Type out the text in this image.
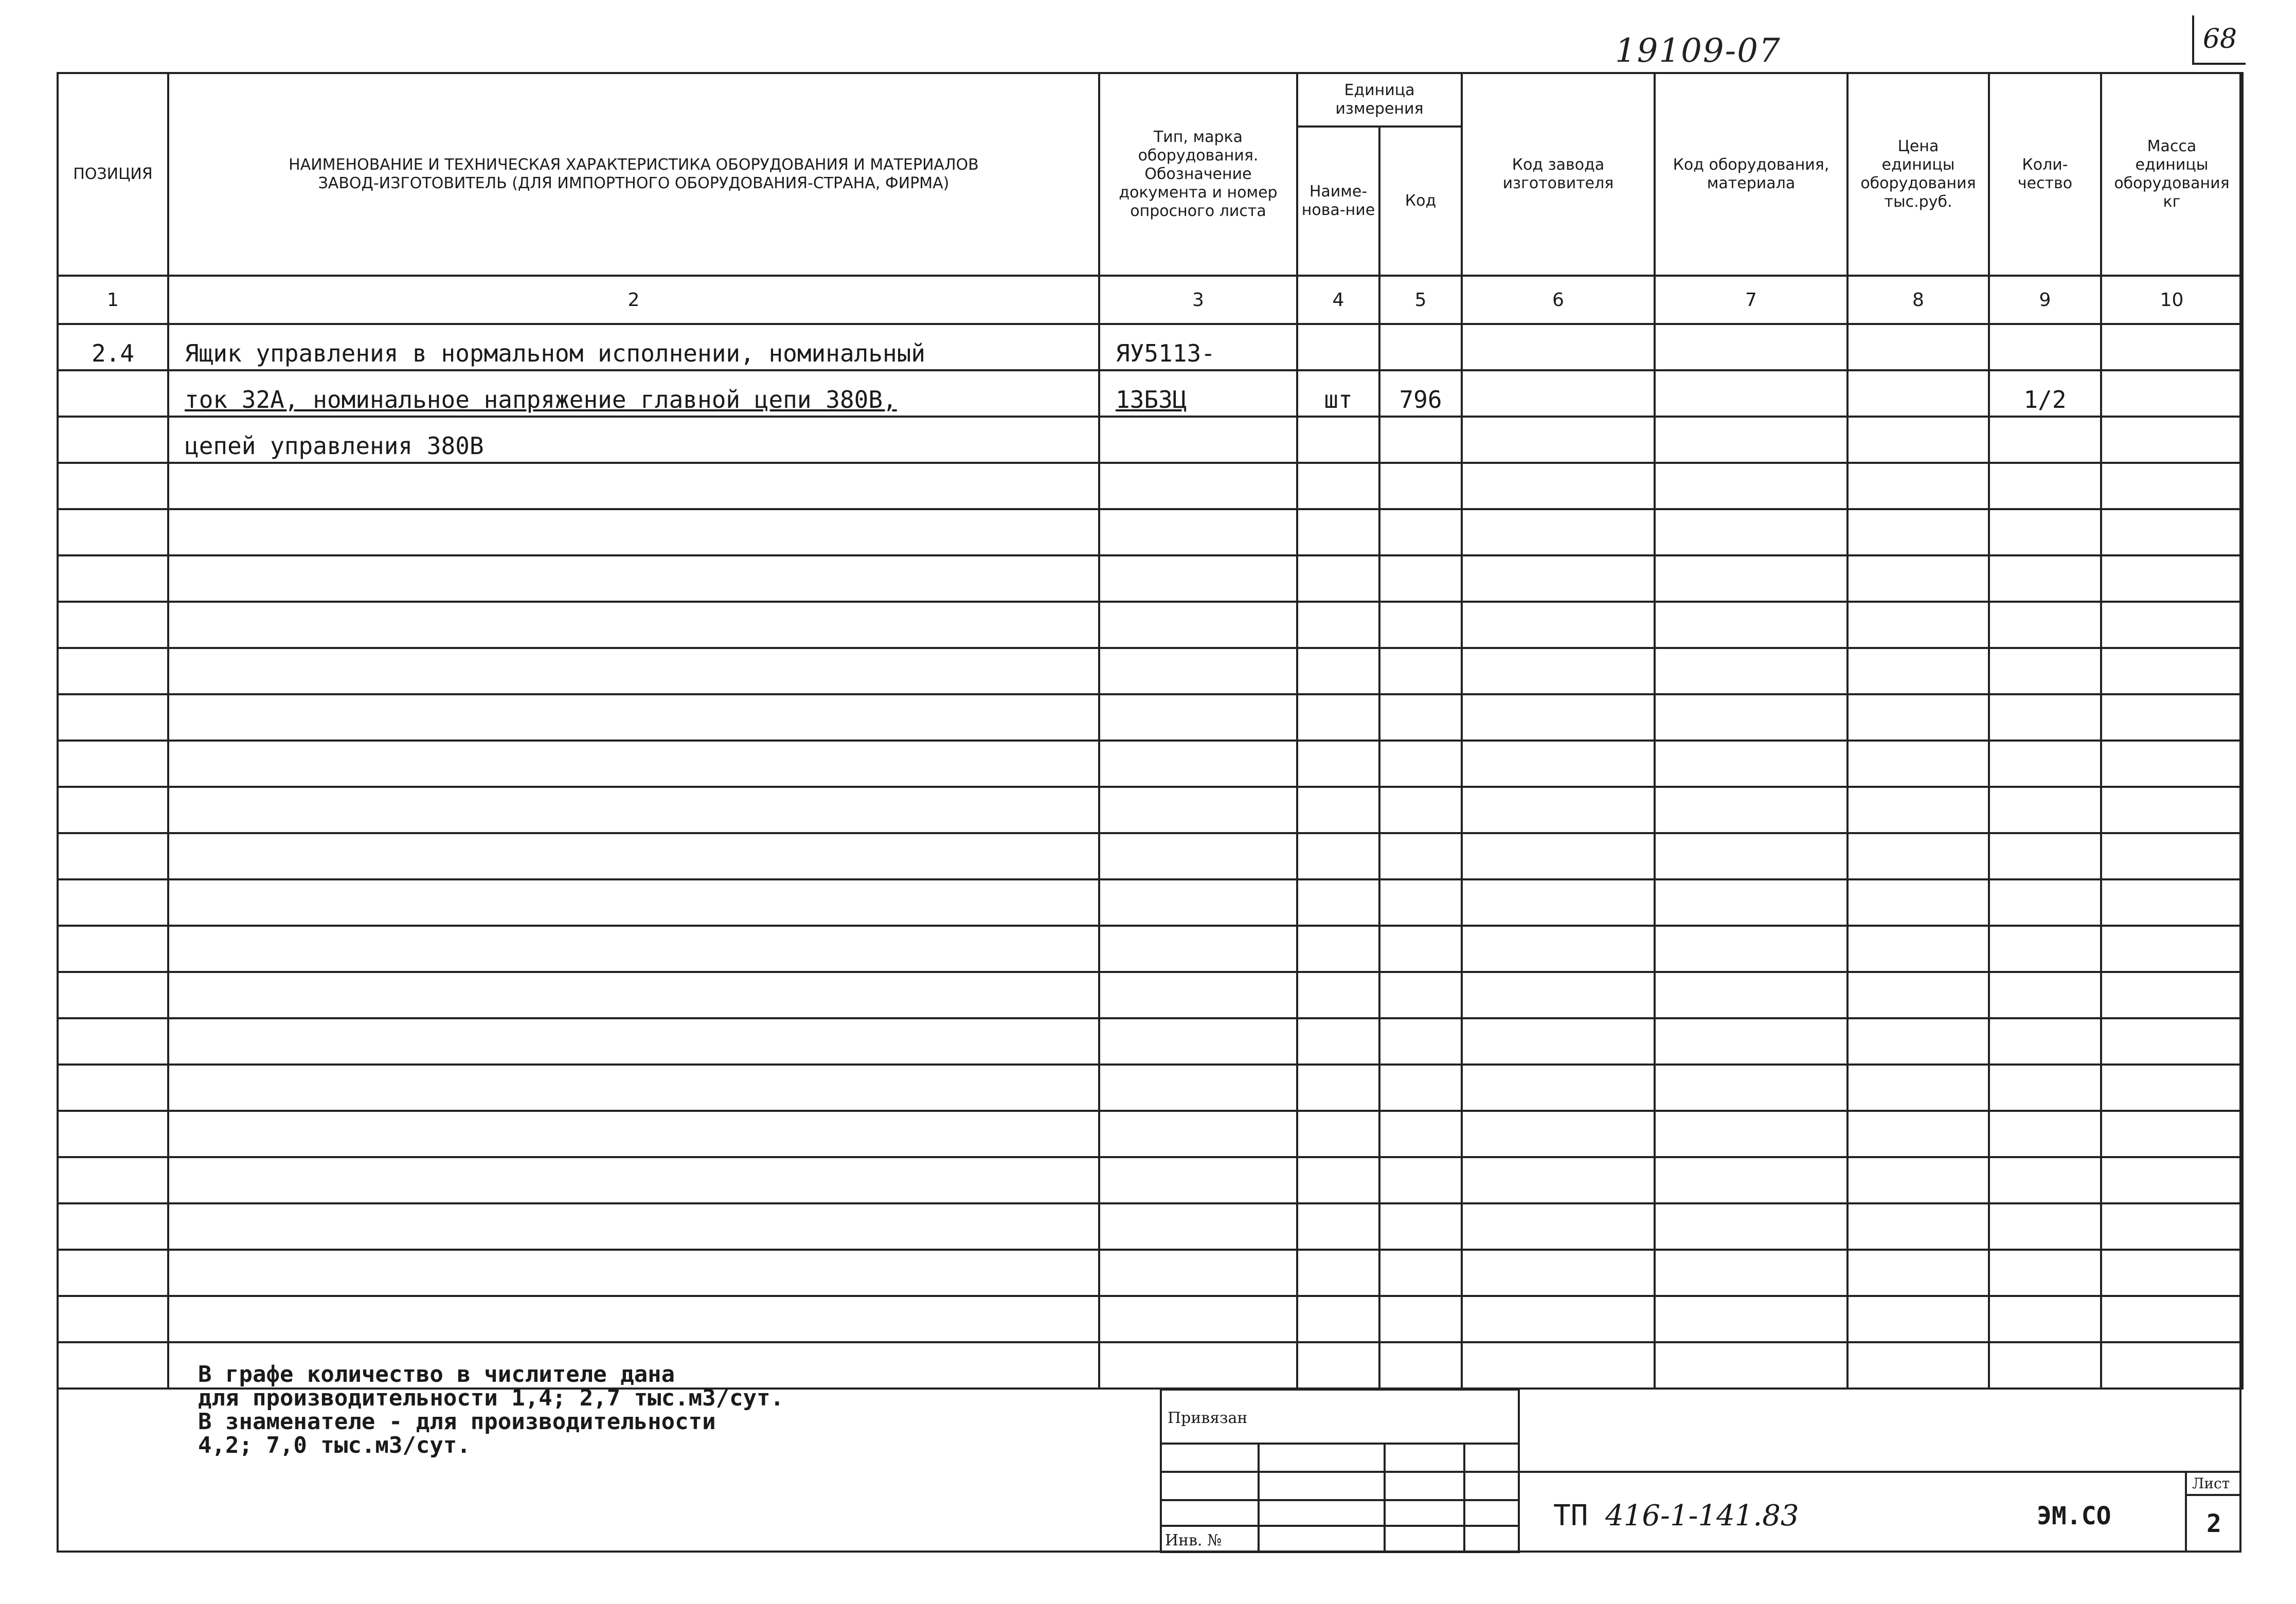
19109-07	68
ПОЗИЦИЯ	НАИМЕНОВАНИЕ И ТЕХНИЧЕСКАЯ ХАРАКТЕРИСТИКА ОБОРУДОВАНИЯ И МАТЕРИАЛОВ
ЗАВОД-ИЗГОТОВИТЕЛЬ (ДЛЯ ИМПОРТНОГО ОБОРУДОВАНИЯ-СТРАНА, ФИРМА)	Тип, марка оборудования. Обозначение документа и номер опросного листа	Единица измерения		Код завода изготовителя	Код оборудования, материала	Цена единицы оборудования тыс.руб.	Коли-чество	Масса единицы оборудования кг
			Наиме-нова-ние	Код					
1	2	3	4	5	6	7	8	9	10
2.4	Ящик управления в нормальном исполнении, номинальный	ЯУ5113-							
	ток 32А, номинальное напряжение главной цепи 380В,	13Б3Ц	шт	796				1/2	
	цепей управления 380В								

В графе количество в числителе дана
для производительности 1,4; 2,7 тыс.м3/сут.
В знаменателе - для производительности
4,2; 7,0 тыс.м3/сут.
Привязан
Инв. №
ТП 416-1-141.83	ЭМ.СО
Лист
2
